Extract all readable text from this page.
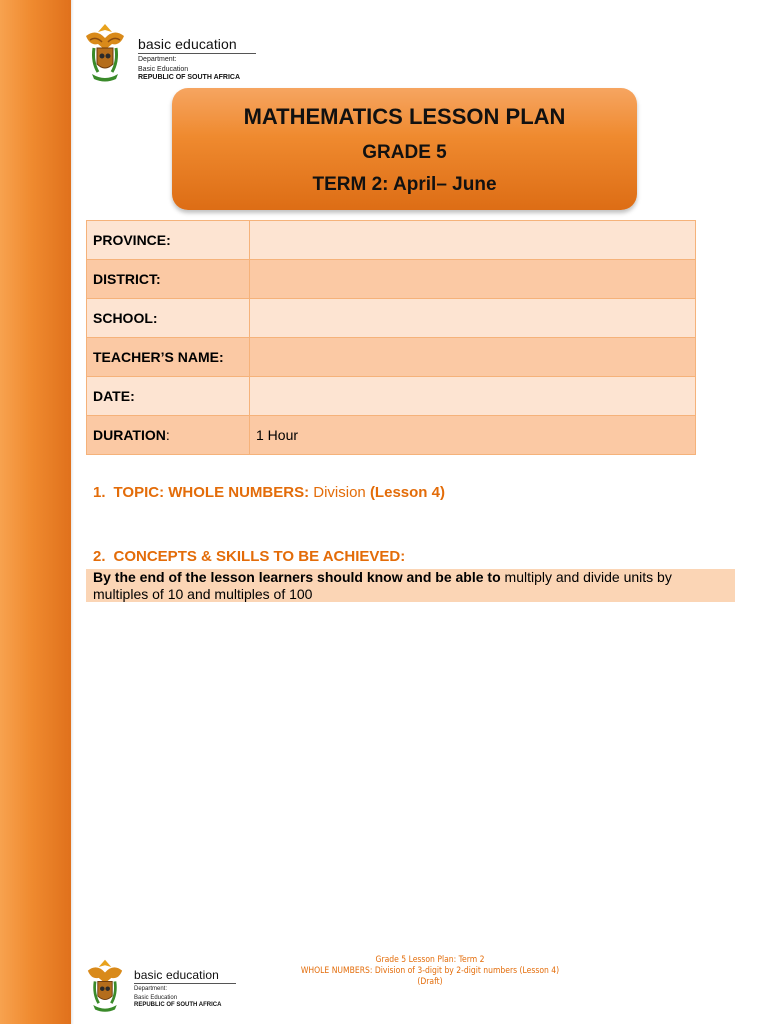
basic education
Department:
Basic Education
REPUBLIC OF SOUTH AFRICA
MATHEMATICS LESSON PLAN
GRADE 5
TERM 2: April– June
PROVINCE:	
DISTRICT:	
SCHOOL:	
TEACHER’S NAME:	
DATE:	
DURATION:	1 Hour
1. TOPIC: WHOLE NUMBERS: Division (Lesson 4)
2. CONCEPTS & SKILLS TO BE ACHIEVED:
By the end of the lesson learners should know and be able to multiply and divide units by multiples of 10 and multiples of 100
basic education
Department:
Basic Education
REPUBLIC OF SOUTH AFRICA
Grade 5 Lesson Plan: Term 2
WHOLE NUMBERS: Division of 3-digit by 2-digit numbers (Lesson 4)
(Draft)
